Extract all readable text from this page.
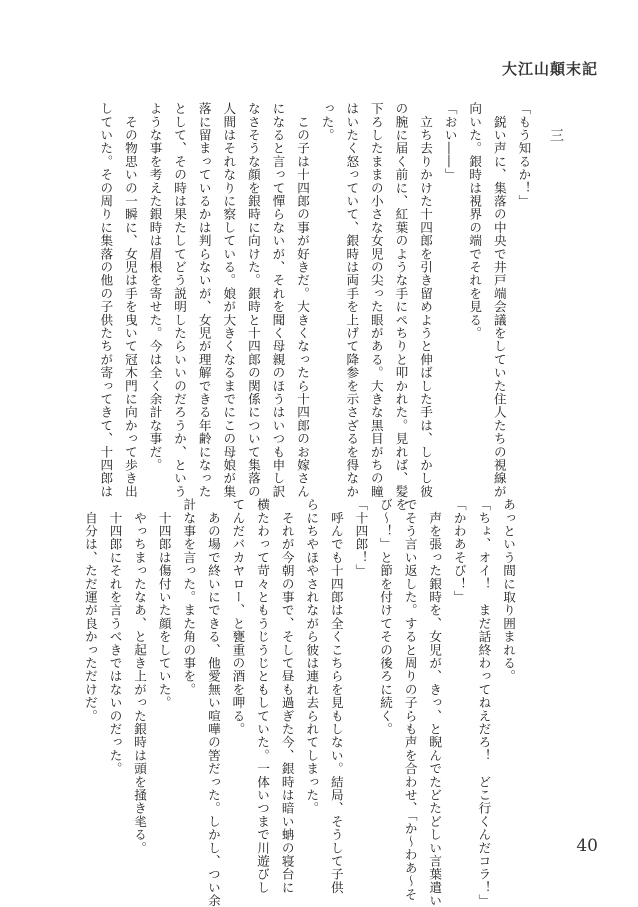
大江山顛末記

三

「もう知るか！」

　鋭い声に、集落の中央で井戸端会議をしていた住人たちの視線が

向いた。銀時は視界の端でそれを見る。

「おい――」

　立ち去りかけた十四郎を引き留めようと伸ばした手は、しかし彼

の腕に届く前に、紅葉のような手にぺちりと叩かれた。見れば、髪を

下ろしたままの小さな女児の尖った眼がある。大きな黒目がちの瞳

はいたく怒っていて、銀時は両手を上げて降参を示さざるを得なか

った。

　この子は十四郎の事が好きだ。大きくなったら十四郎のお嫁さん

になると言って憚らないが、それを聞く母親のほうはいつも申し訳

なさそうな顔を銀時に向けた。銀時と十四郎の関係について集落の

人間はそれなりに察している。娘が大きくなるまでにこの母娘が集

落に留まっているかは判らないが、女児が理解できる年齢になった

として、その時は果たしてどう説明したらいいのだろうか、という

ような事を考えた銀時は眉根を寄せた。今は全く余計な事だ。

　その物思いの一瞬に、女児は手を曳いて冠木門に向かって歩き出

していた。その周りに集落の他の子供たちが寄ってきて、十四郎は

あっという間に取り囲まれる。

「ちょ、オイ！　まだ話終わってねえだろ！　どこ行くんだコラ！」

「かわあそび！」

　声を張った銀時を、女児が、きっ、と睨んでたどたどしい言葉遣い

でそう言い返した。すると周りの子らも声を合わせ、「か～わあ～そ

び～！」と節を付けてその後ろに続く。

「十四郎！」

　呼んでも十四郎は全くこちらを見もしない。結局、そうして子供

らにちやほやされながら彼は連れ去られてしまった。

　それが今朝の事で、そして昼も過ぎた今、銀時は暗い蚺の寝台に

横たわって苛々ともうじうじともしていた。一体いつまで川遊びし

てんだバカヤロー、と甕重の酒を呷る。

　あの場で終いにできる、他愛無い喧嘩の筈だった。しかし、つい余

計な事を言った。また角の事を。

　十四郎は傷付いた顔をしていた。

　やっちまったなあ、と起き上がった銀時は頭を掻き毟る。

　十四郎にそれを言うべきではないのだった。

　自分は、ただ運が良かっただけだ。

40
